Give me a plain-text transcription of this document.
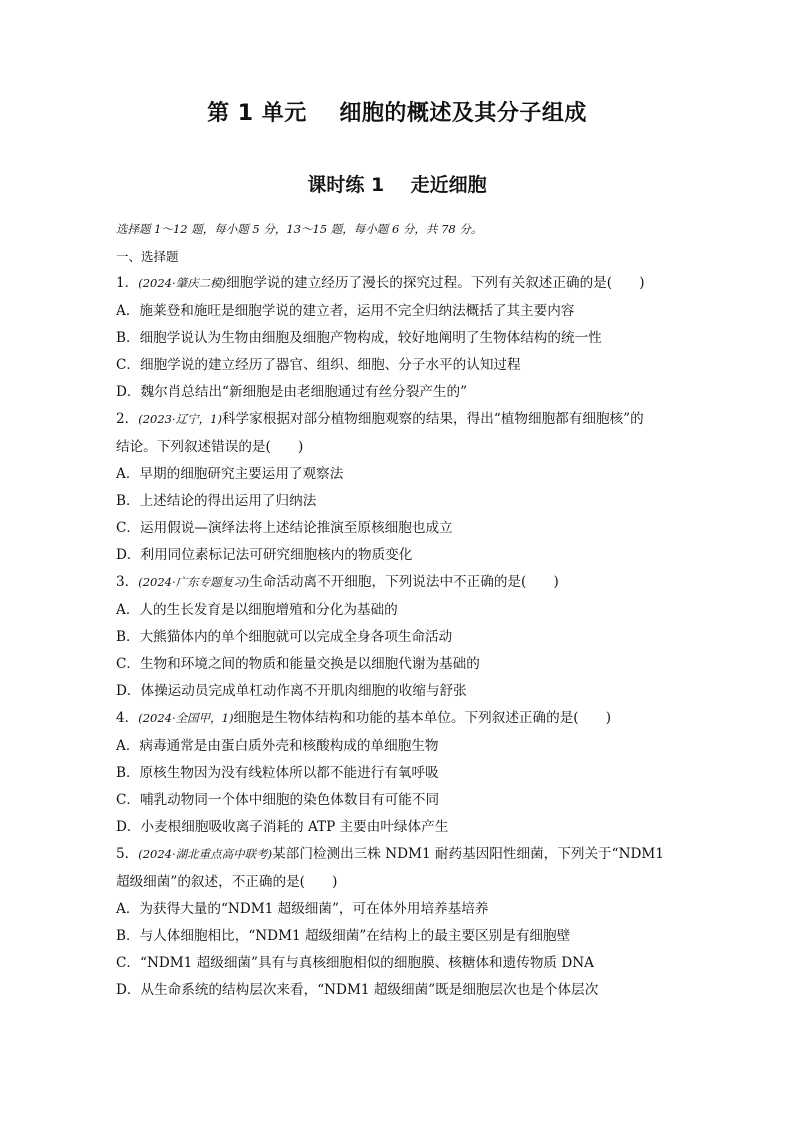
第 1 单元    细胞的概述及其分子组成
课时练 1    走近细胞
选择题 1～12 题，每小题 5 分，13～15 题，每小题 6 分，共 78 分。
一、选择题
1．(2024·肇庆二模)细胞学说的建立经历了漫长的探究过程。下列有关叙述正确的是(　　)
A．施莱登和施旺是细胞学说的建立者，运用不完全归纳法概括了其主要内容
B．细胞学说认为生物由细胞及细胞产物构成，较好地阐明了生物体结构的统一性
C．细胞学说的建立经历了器官、组织、细胞、分子水平的认知过程
D．魏尔肖总结出“新细胞是由老细胞通过有丝分裂产生的”
2．(2023·辽宁，1)科学家根据对部分植物细胞观察的结果，得出“植物细胞都有细胞核”的
结论。下列叙述错误的是(　　)
A．早期的细胞研究主要运用了观察法
B．上述结论的得出运用了归纳法
C．运用假说—演绎法将上述结论推演至原核细胞也成立
D．利用同位素标记法可研究细胞核内的物质变化
3．(2024·广东专题复习)生命活动离不开细胞，下列说法中不正确的是(　　)
A．人的生长发育是以细胞增殖和分化为基础的
B．大熊猫体内的单个细胞就可以完成全身各项生命活动
C．生物和环境之间的物质和能量交换是以细胞代谢为基础的
D．体操运动员完成单杠动作离不开肌肉细胞的收缩与舒张
4．(2024·全国甲，1)细胞是生物体结构和功能的基本单位。下列叙述正确的是(　　)
A．病毒通常是由蛋白质外壳和核酸构成的单细胞生物
B．原核生物因为没有线粒体所以都不能进行有氧呼吸
C．哺乳动物同一个体中细胞的染色体数目有可能不同
D．小麦根细胞吸收离子消耗的 ATP 主要由叶绿体产生
5．(2024·湖北重点高中联考)某部门检测出三株 NDM1 耐药基因阳性细菌，下列关于“NDM1
超级细菌”的叙述，不正确的是(　　)
A．为获得大量的“NDM1 超级细菌”，可在体外用培养基培养
B．与人体细胞相比，“NDM1 超级细菌”在结构上的最主要区别是有细胞壁
C．“NDM1 超级细菌”具有与真核细胞相似的细胞膜、核糖体和遗传物质 DNA
D．从生命系统的结构层次来看，“NDM1 超级细菌”既是细胞层次也是个体层次
